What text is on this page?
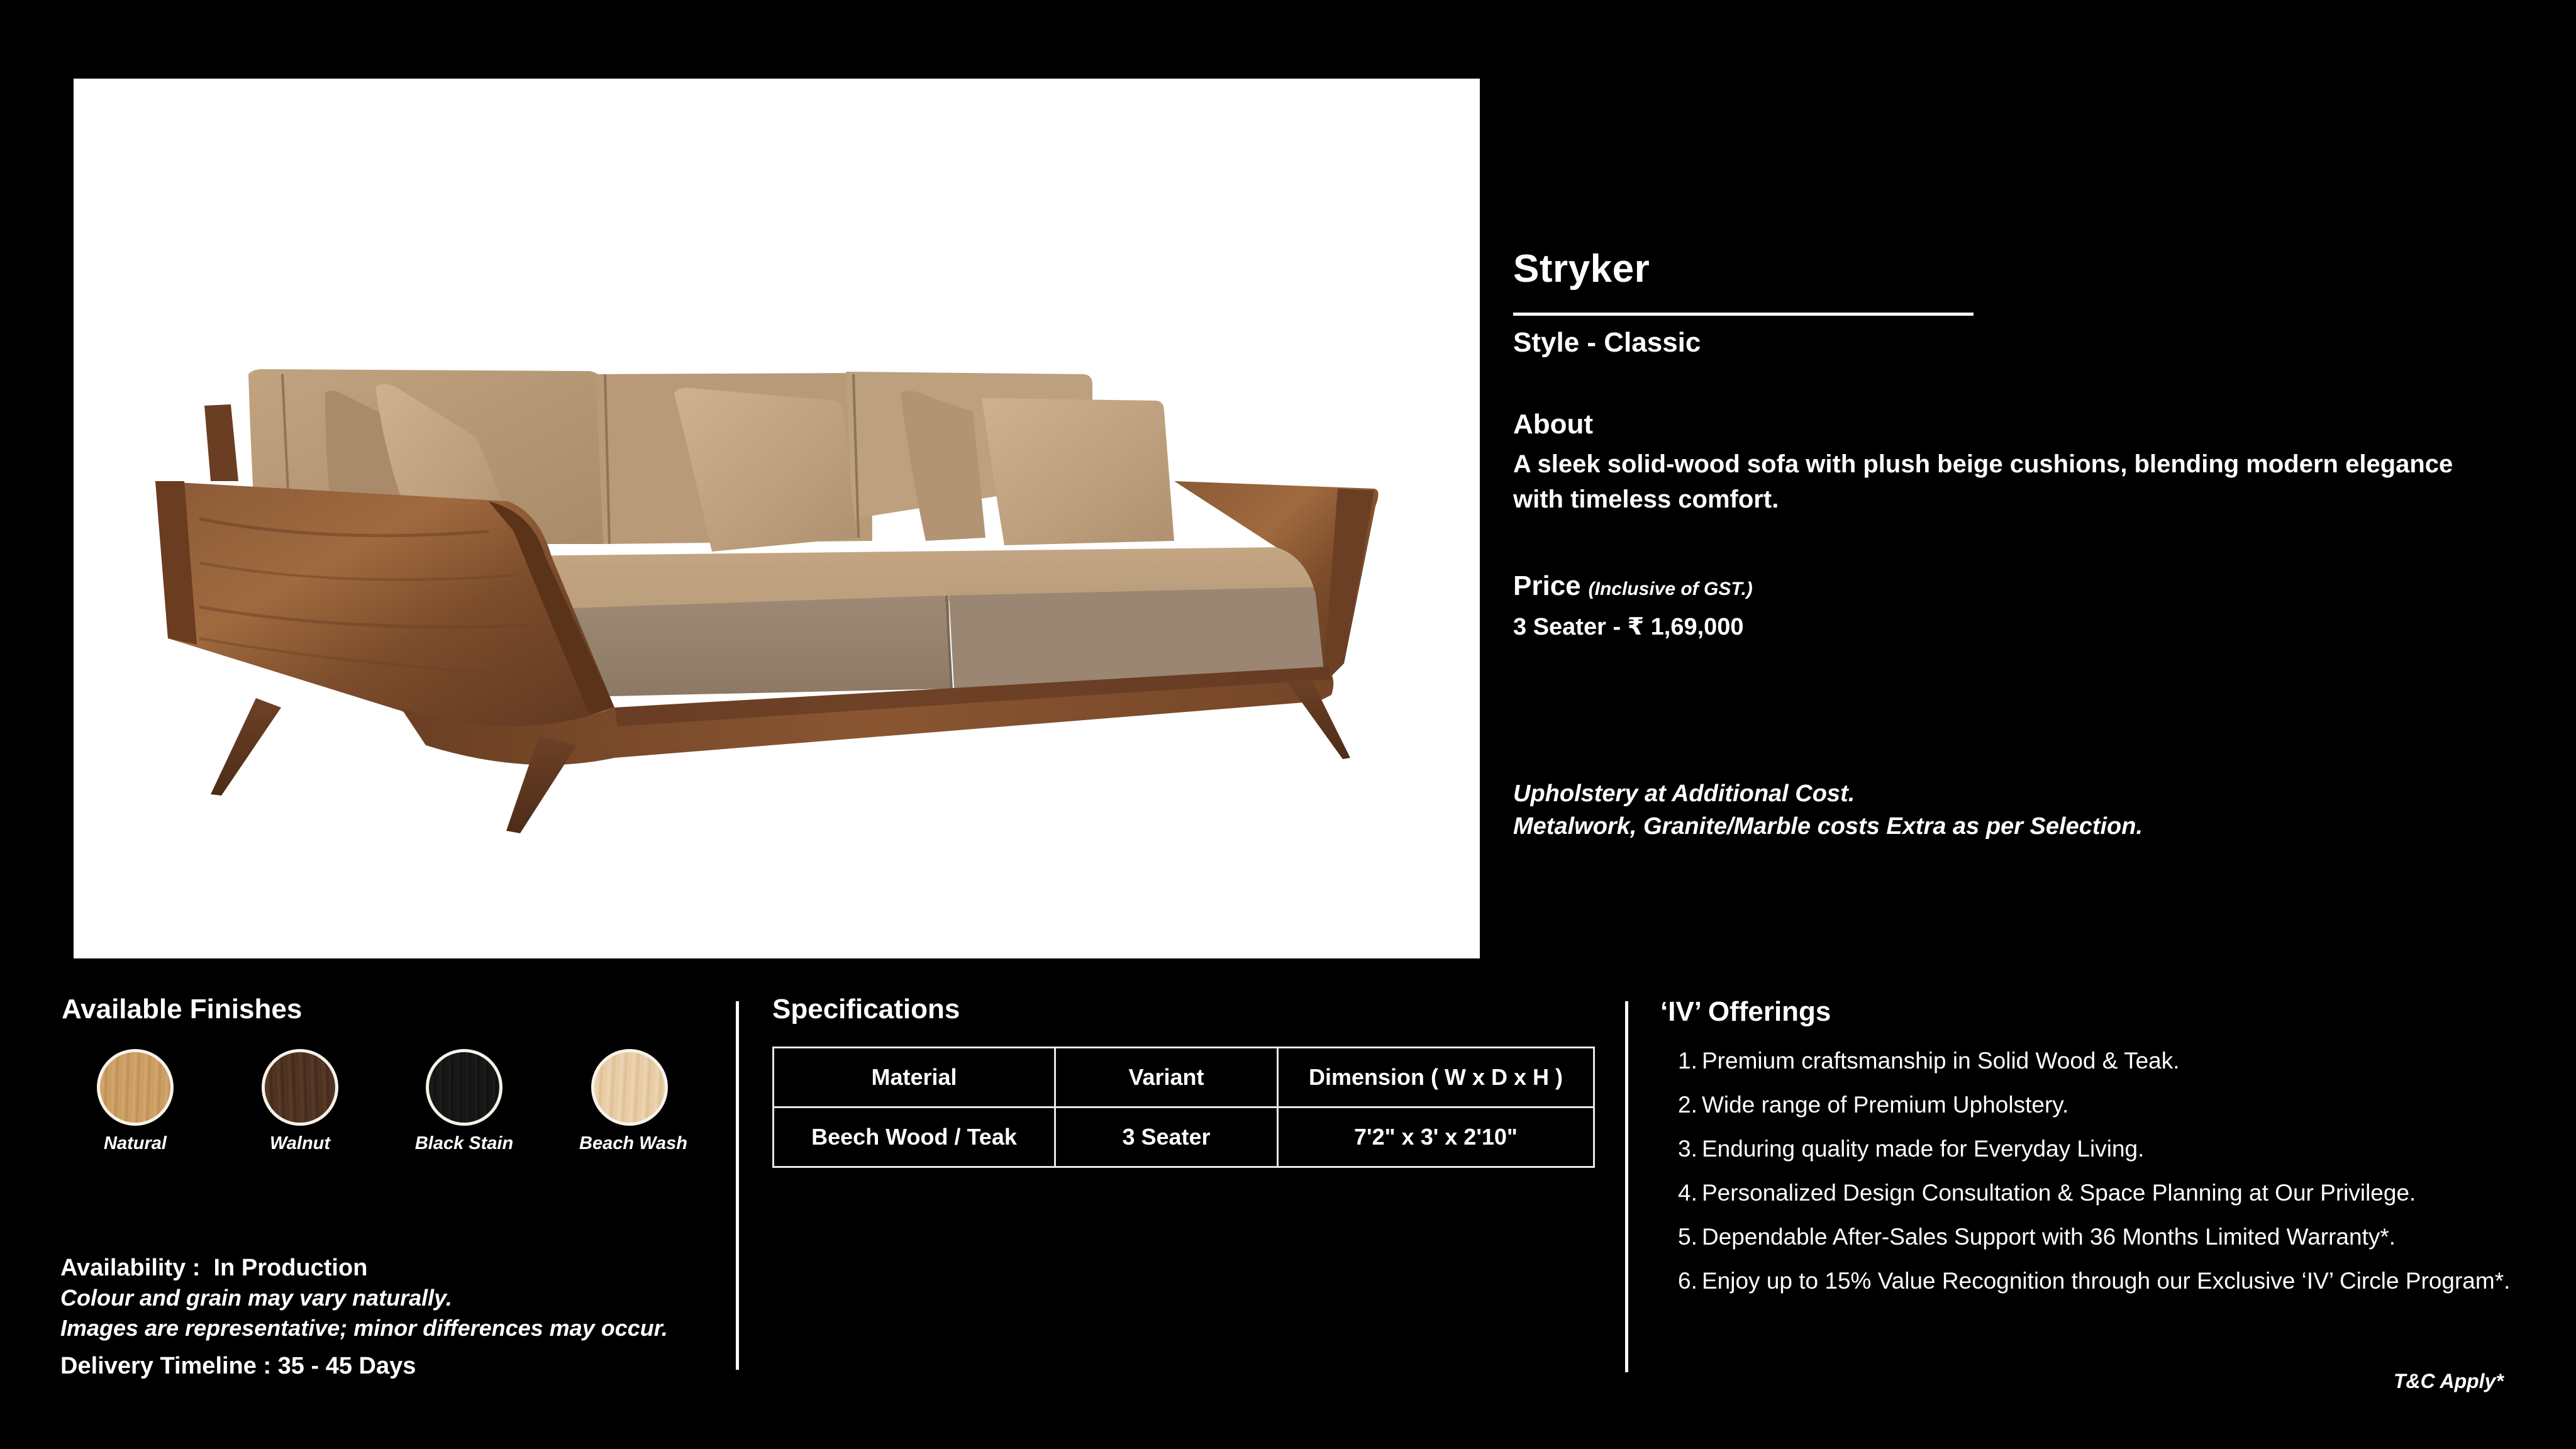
Stryker
Style - Classic
About
A sleek solid-wood sofa with plush beige cushions, blending modern elegance with timeless comfort.
Price (Inclusive of GST.)
3 Seater - ₹ 1,69,000
Upholstery at Additional Cost.
Metalwork, Granite/Marble costs Extra as per Selection.
Available Finishes
Natural	Walnut	Black Stain	Beach Wash

Availability :  In Production

Delivery Timeline : 35 - 45 Days

Colour and grain may vary naturally.
Images are representative; minor differences may occur.
Specifications
Material	Variant	Dimension ( W x D x H )
Beech Wood / Teak	3 Seater	7'2" x 3' x 2'10"
‘IV’ Offerings
1. Premium craftsmanship in Solid Wood & Teak.
2. Wide range of Premium Upholstery.
3. Enduring quality made for Everyday Living.
4. Personalized Design Consultation & Space Planning at Our Privilege.
5. Dependable After-Sales Support with 36 Months Limited Warranty*.
6. Enjoy up to 15% Value Recognition through our Exclusive ‘IV’ Circle Program*.
T&C Apply*
